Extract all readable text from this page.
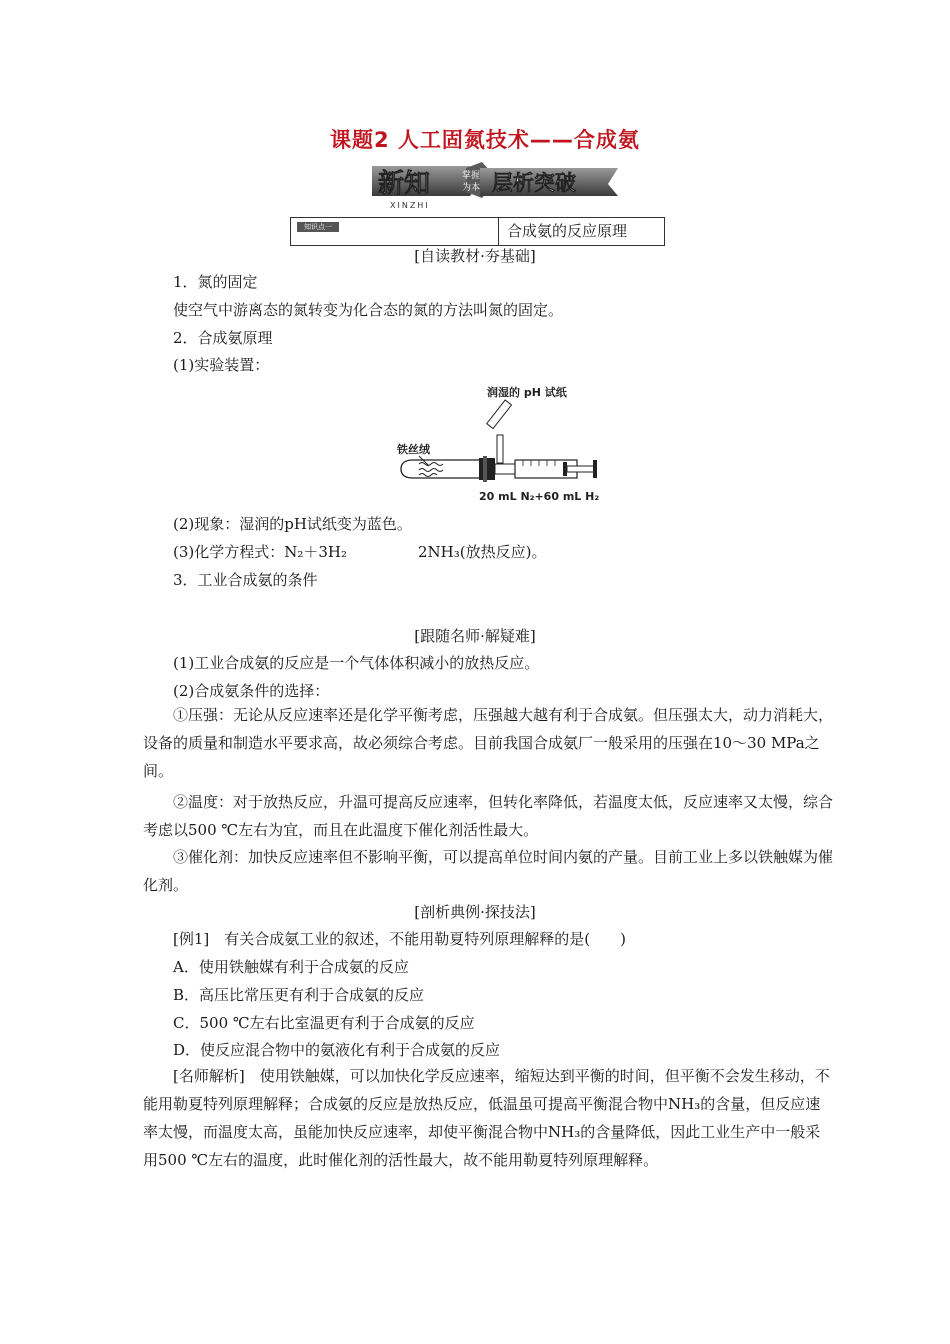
课题2 人工固氮技术——合成氨
新知	掌握
为本 层析突破
XINZHI
知识点一	合成氨的反应原理
[自读教材·夯基础]
1．氮的固定
使空气中游离态的氮转变为化合态的氮的方法叫氮的固定。
2．合成氨原理
(1)实验装置：
润湿的 pH 试纸
铁丝绒
20 mL N₂+60 mL H₂
(2)现象：湿润的pH试纸变为蓝色。
(3)化学方程式：N₂＋3H₂	2NH₃(放热反应)。
3．工业合成氨的条件
[跟随名师·解疑难]
(1)工业合成氨的反应是一个气体体积减小的放热反应。
(2)合成氨条件的选择：
①压强：无论从反应速率还是化学平衡考虑，压强越大越有利于合成氨。但压强太大，动力消耗大，设备的质量和制造水平要求高，故必须综合考虑。目前我国合成氨厂一般采用的压强在10～30 MPa之间。
②温度：对于放热反应，升温可提高反应速率，但转化率降低，若温度太低，反应速率又太慢，综合考虑以500 ℃左右为宜，而且在此温度下催化剂活性最大。
③催化剂：加快反应速率但不影响平衡，可以提高单位时间内氨的产量。目前工业上多以铁触媒为催化剂。
[剖析典例·探技法]
[例1]　有关合成氨工业的叙述，不能用勒夏特列原理解释的是(　　)
A．使用铁触媒有利于合成氨的反应
B．高压比常压更有利于合成氨的反应
C．500 ℃左右比室温更有利于合成氨的反应
D．使反应混合物中的氨液化有利于合成氨的反应
[名师解析]　使用铁触媒，可以加快化学反应速率，缩短达到平衡的时间，但平衡不会发生移动，不能用勒夏特列原理解释；合成氨的反应是放热反应，低温虽可提高平衡混合物中NH₃的含量，但反应速率太慢，而温度太高，虽能加快反应速率，却使平衡混合物中NH₃的含量降低，因此工业生产中一般采用500 ℃左右的温度，此时催化剂的活性最大，故不能用勒夏特列原理解释。
